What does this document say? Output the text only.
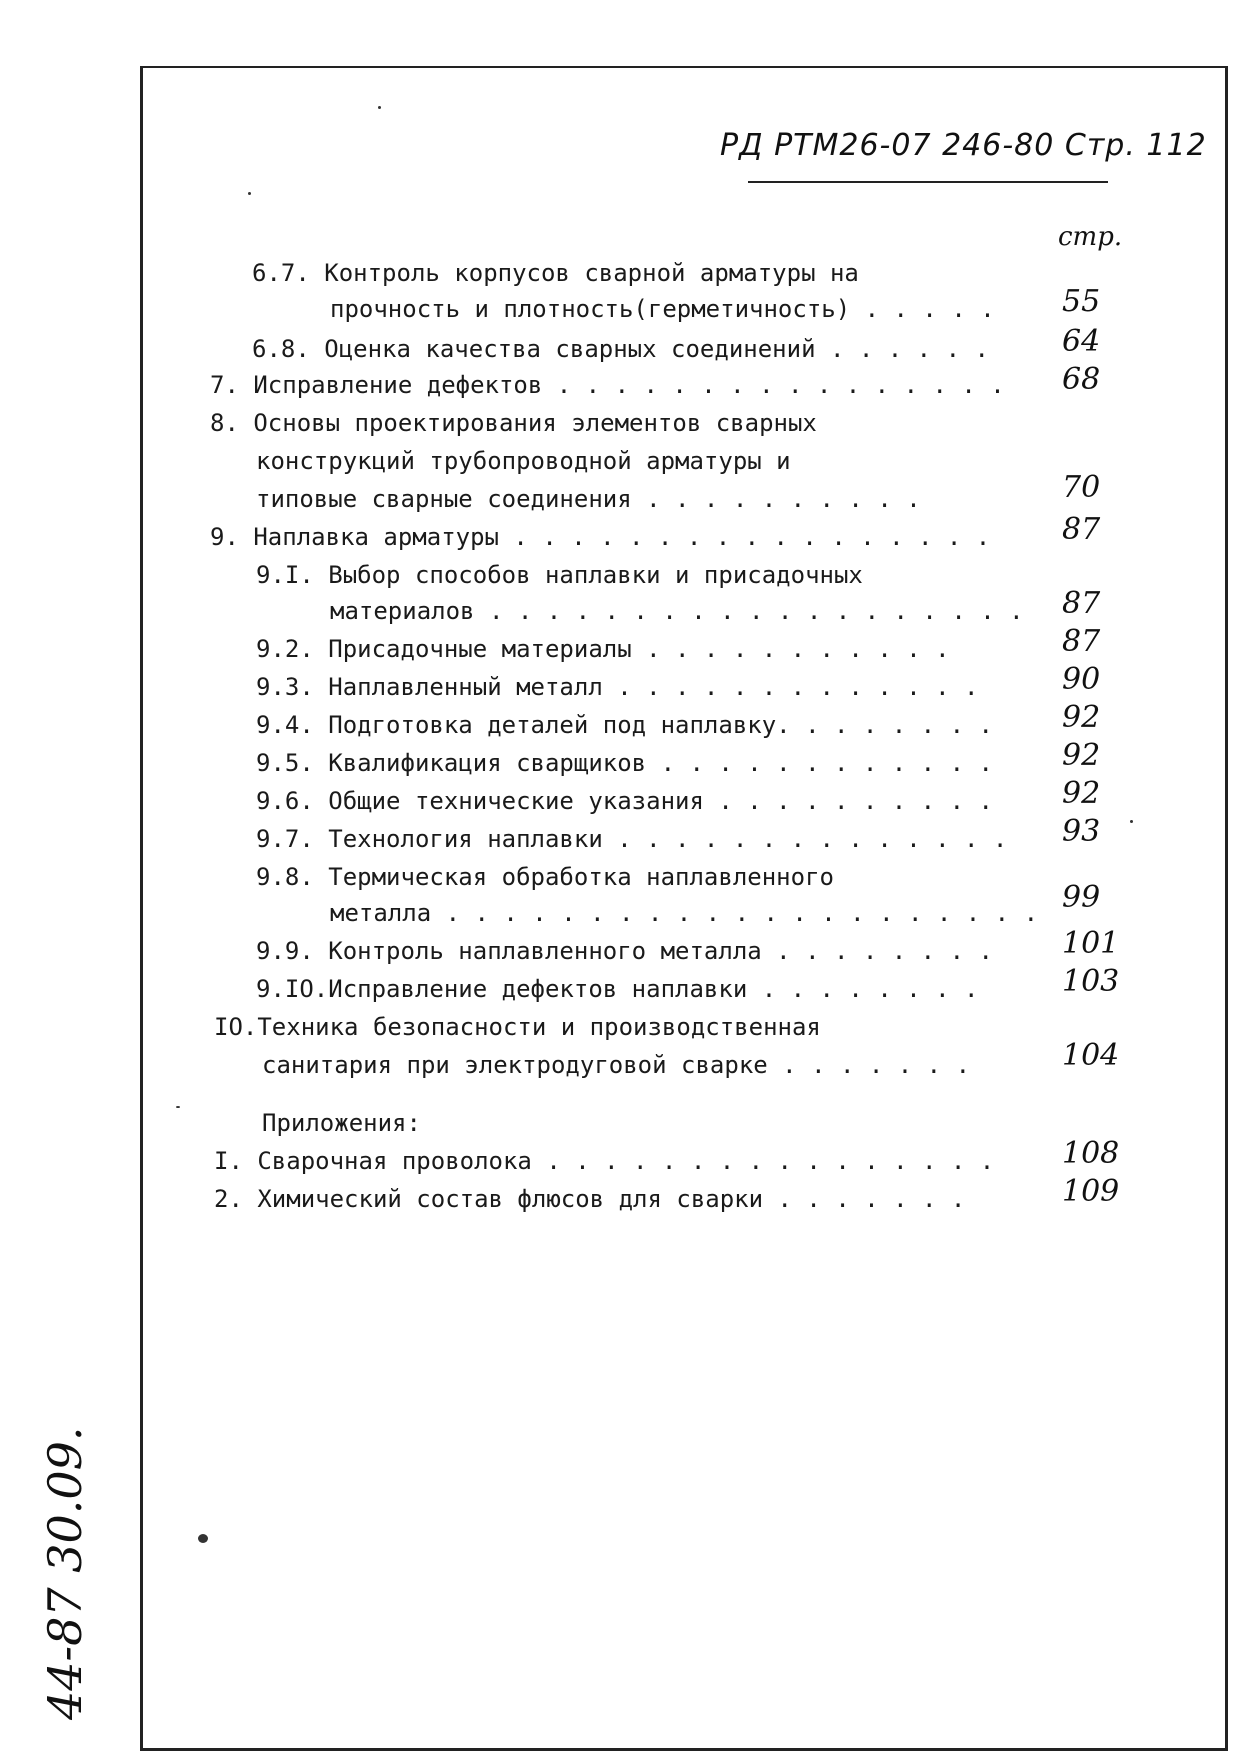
РД РТМ26-07 246-80 Стр. 112
стр.
6.7. Контроль корпусов сварной арматуры на
прочность и плотность(герметичность) . . . . . 55
6.8. Оценка качества сварных соединений . . . . . . 64
7. Исправление дефектов . . . . . . . . . . . . . . . . 68
8. Основы проектирования элементов сварных
конструкций трубопроводной арматуры и
типовые сварные соединения . . . . . . . . . .	70
9. Наплавка арматуры . . . . . . . . . . . . . . . . . 87
9.I. Выбор способов наплавки и присадочных
материалов . . . . . . . . . . . . . . . . . . . 87
9.2. Присадочные материалы . . . . . . . . . . .	87
9.3. Наплавленный металл . . . . . . . . . . . . .	90
9.4. Подготовка деталей под наплавку. . . . . . . . 92
9.5. Квалификация сварщиков . . . . . . . . . . . . 92
9.6. Общие технические указания . . . . . . . . . . 92
9.7. Технология наплавки . . . . . . . . . . . . . . 93
9.8. Термическая обработка наплавленного
металла . . . . . . . . . . . . . . . . . . . . . 99
9.9. Контроль наплавленного металла . . . . . . . . 101
9.IO.Исправление дефектов наплавки . . . . . . . .	103
IO.Техника безопасности и производственная
санитария при электродуговой сварке . . . . . . .	104
Приложения:
I. Сварочная проволока . . . . . . . . . . . . . . . . 108
2. Химический состав флюсов для сварки . . . . . . .	109
44-87 30.09.
